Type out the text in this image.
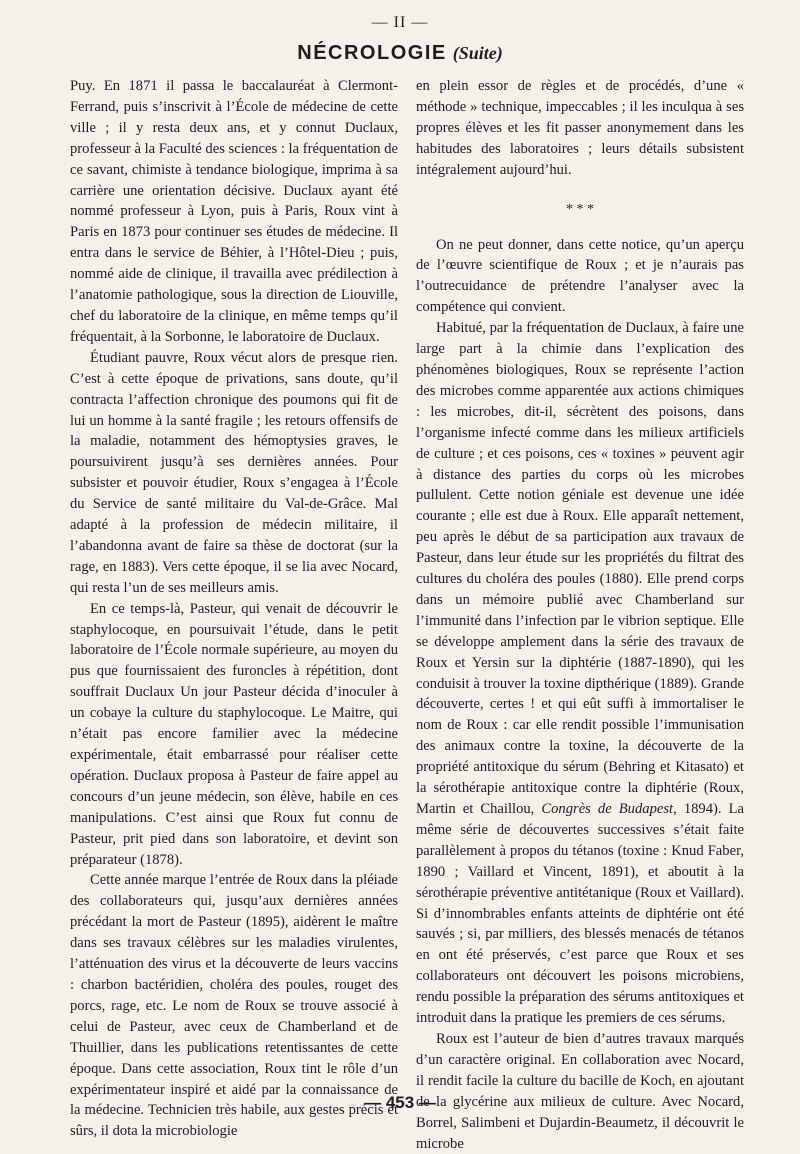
— II —
NÉCROLOGIE (Suite)

Puy. En 1871 il passa le baccalauréat à Clermont-Ferrand, puis s’inscrivit à l’École de médecine de cette ville ; il y resta deux ans, et y connut Duclaux, professeur à la Faculté des sciences : la fréquentation de ce savant, chimiste à tendance biologique, imprima à sa carrière une orientation décisive. Duclaux ayant été nommé professeur à Lyon, puis à Paris, Roux vint à Paris en 1873 pour continuer ses études de médecine. Il entra dans le service de Béhier, à l’Hôtel-Dieu ; puis, nommé aide de clinique, il travailla avec prédilection à l’anatomie pathologique, sous la direction de Liouville, chef du laboratoire de la clinique, en même temps qu’il fréquentait, à la Sorbonne, le laboratoire de Duclaux.

Étudiant pauvre, Roux vécut alors de presque rien. C’est à cette époque de privations, sans doute, qu’il contracta l’affection chronique des poumons qui fit de lui un homme à la santé fragile ; les retours offensifs de la maladie, notamment des hémoptysies graves, le poursuivirent jusqu’à ses dernières années. Pour subsister et pouvoir étudier, Roux s’engagea à l’École du Service de santé militaire du Val-de-Grâce. Mal adapté à la profession de médecin militaire, il l’abandonna avant de faire sa thèse de doctorat (sur la rage, en 1883). Vers cette époque, il se lia avec Nocard, qui resta l’un de ses meilleurs amis.

En ce temps-là, Pasteur, qui venait de découvrir le staphylocoque, en poursuivait l’étude, dans le petit laboratoire de l’École normale supérieure, au moyen du pus que fournissaient des furoncles à répétition, dont souffrait Duclaux Un jour Pasteur décida d’inoculer à un cobaye la culture du staphylocoque. Le Maitre, qui n’était pas encore familier avec la médecine expérimentale, était embarrassé pour réaliser cette opération. Duclaux proposa à Pasteur de faire appel au concours d’un jeune médecin, son élève, habile en ces manipulations. C’est ainsi que Roux fut connu de Pasteur, prit pied dans son laboratoire, et devint son préparateur (1878).

Cette année marque l’entrée de Roux dans la pléiade des collaborateurs qui, jusqu’aux dernières années précédant la mort de Pasteur (1895), aidèrent le maître dans ses travaux célèbres sur les maladies virulentes, l’atténuation des virus et la découverte de leurs vaccins : charbon bactéridien, choléra des poules, rouget des porcs, rage, etc. Le nom de Roux se trouve associé à celui de Pasteur, avec ceux de Chamberland et de Thuillier, dans les publications retentissantes de cette époque. Dans cette association, Roux tint le rôle d’un expérimentateur inspiré et aidé par la connaissance de la médecine. Technicien très habile, aux gestes précis et sûrs, il dota la microbiologie

en plein essor de règles et de procédés, d’une « méthode » technique, impeccables ; il les inculqua à ses propres élèves et les fit passer anonymement dans les habitudes des laboratoires ; leurs détails subsistent intégralement aujourd’hui.

* * *

On ne peut donner, dans cette notice, qu’un aperçu de l’œuvre scientifique de Roux ; et je n’aurais pas l’outrecuidance de prétendre l’analyser avec la compétence qui convient.

Habitué, par la fréquentation de Duclaux, à faire une large part à la chimie dans l’explication des phénomènes biologiques, Roux se représente l’action des microbes comme apparentée aux actions chimiques : les microbes, dit-il, sécrètent des poisons, dans l’organisme infecté comme dans les milieux artificiels de culture ; et ces poisons, ces « toxines » peuvent agir à distance des parties du corps où les microbes pullulent. Cette notion géniale est devenue une idée courante ; elle est due à Roux. Elle apparaît nettement, peu après le début de sa participation aux travaux de Pasteur, dans leur étude sur les propriétés du filtrat des cultures du choléra des poules (1880). Elle prend corps dans un mémoire publié avec Chamberland sur l’immunité dans l’infection par le vibrion septique. Elle se développe amplement dans la série des travaux de Roux et Yersin sur la diphtérie (1887-1890), qui les conduisit à trouver la toxine dipthérique (1889). Grande découverte, certes ! et qui eût suffi à immortaliser le nom de Roux : car elle rendit possible l’immunisation des animaux contre la toxine, la découverte de la propriété antitoxique du sérum (Behring et Kitasato) et la sérothérapie antitoxique contre la diphtérie (Roux, Martin et Chaillou, Congrès de Budapest, 1894). La même série de découvertes successives s’était faite parallèlement à propos du tétanos (toxine : Knud Faber, 1890 ; Vaillard et Vincent, 1891), et aboutit à la sérothérapie préventive antitétanique (Roux et Vaillard). Si d’innombrables enfants atteints de diphtérie ont été sauvés ; si, par milliers, des blessés menacés de tétanos en ont été préservés, c’est parce que Roux et ses collaborateurs ont découvert les poisons microbiens, rendu possible la préparation des sérums antitoxiques et introduit dans la pratique les premiers de ces sérums.

Roux est l’auteur de bien d’autres travaux marqués d’un caractère original. En collaboration avec Nocard, il rendit facile la culture du bacille de Koch, en ajoutant de la glycérine aux milieux de culture. Avec Nocard, Borrel, Salimbeni et Dujardin-Beaumetz, il découvrit le microbe

— 453 —
